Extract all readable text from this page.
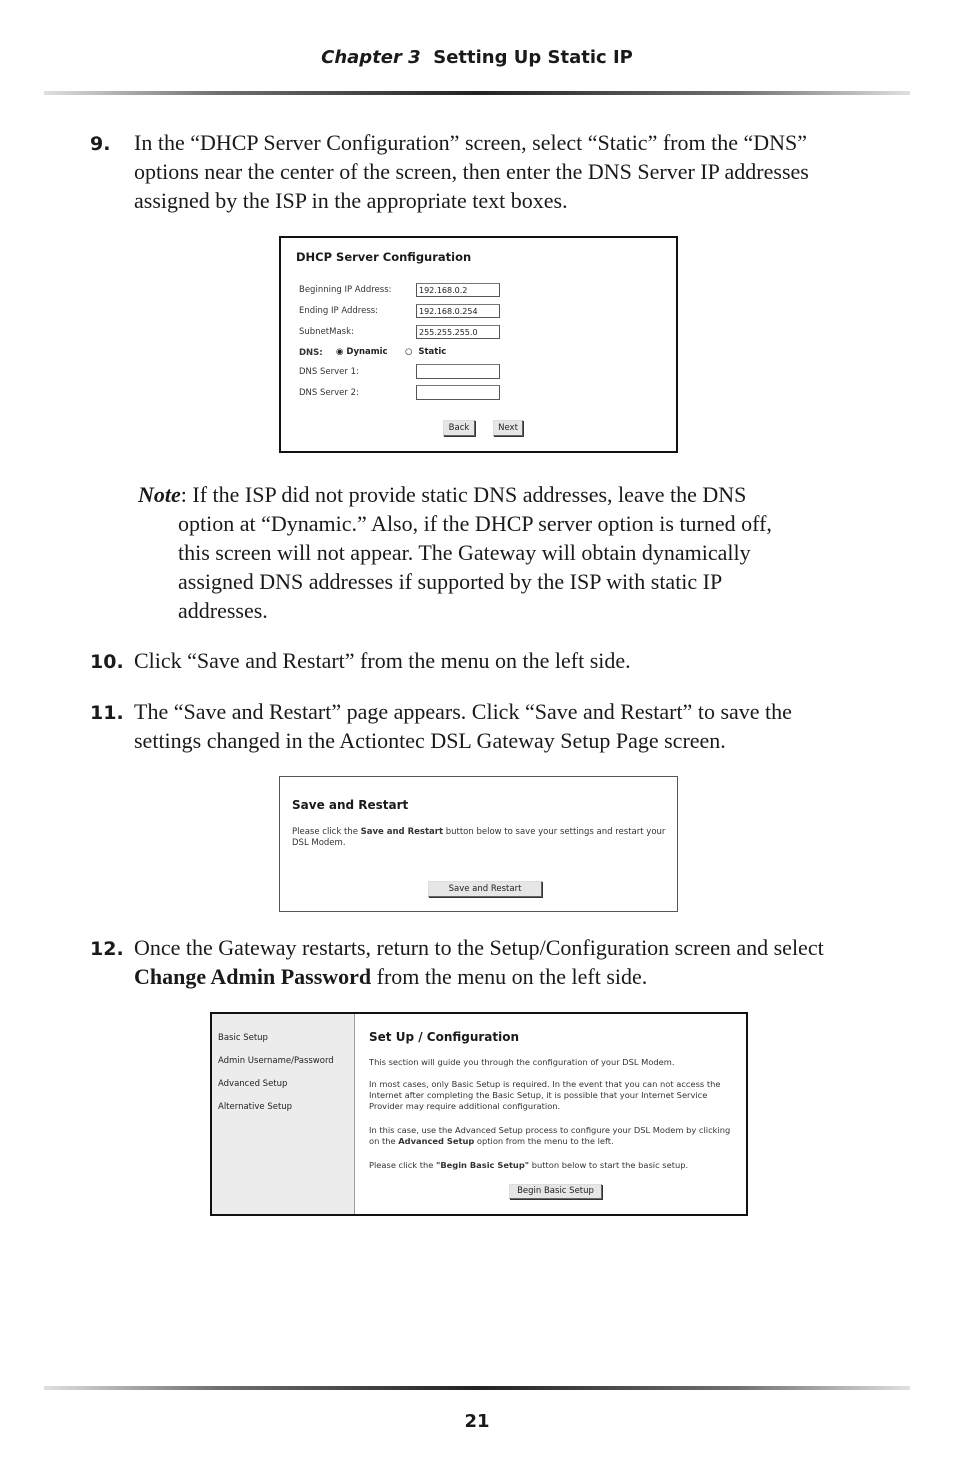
Chapter 3 Setting Up Static IP
9. In the “DHCP Server Configuration” screen, select “Static” from the “DNS” options near the center of the screen, then enter the DNS Server IP addresses assigned by the ISP in the appropriate text boxes.
DHCP Server Configuration
Beginning IP Address:	192.168.0.2
Ending IP Address:	192.168.0.254
SubnetMask:	255.255.255.0
DNS: ◉ Dynamic ○ Static
DNS Server 1:
DNS Server 2:
Back	Next
Note: If the ISP did not provide static DNS addresses, leave the DNS option at “Dynamic.” Also, if the DHCP server option is turned off, this screen will not appear. The Gateway will obtain dynamically assigned DNS addresses if supported by the ISP with static IP addresses.
10. Click “Save and Restart” from the menu on the left side.
11. The “Save and Restart” page appears. Click “Save and Restart” to save the settings changed in the Actiontec DSL Gateway Setup Page screen.
Save and Restart
Please click the Save and Restart button below to save your settings and restart your DSL Modem.
Save and Restart
12. Once the Gateway restarts, return to the Setup/Configuration screen and select Change Admin Password from the menu on the left side.
Basic Setup
Admin Username/Password
Advanced Setup
Alternative Setup
Set Up / Configuration
This section will guide you through the configuration of your DSL Modem.
In most cases, only Basic Setup is required. In the event that you can not access the Internet after completing the Basic Setup, it is possible that your Internet Service Provider may require additional configuration.
In this case, use the Advanced Setup process to configure your DSL Modem by clicking on the Advanced Setup option from the menu to the left.
Please click the "Begin Basic Setup" button below to start the basic setup.
Begin Basic Setup
21
